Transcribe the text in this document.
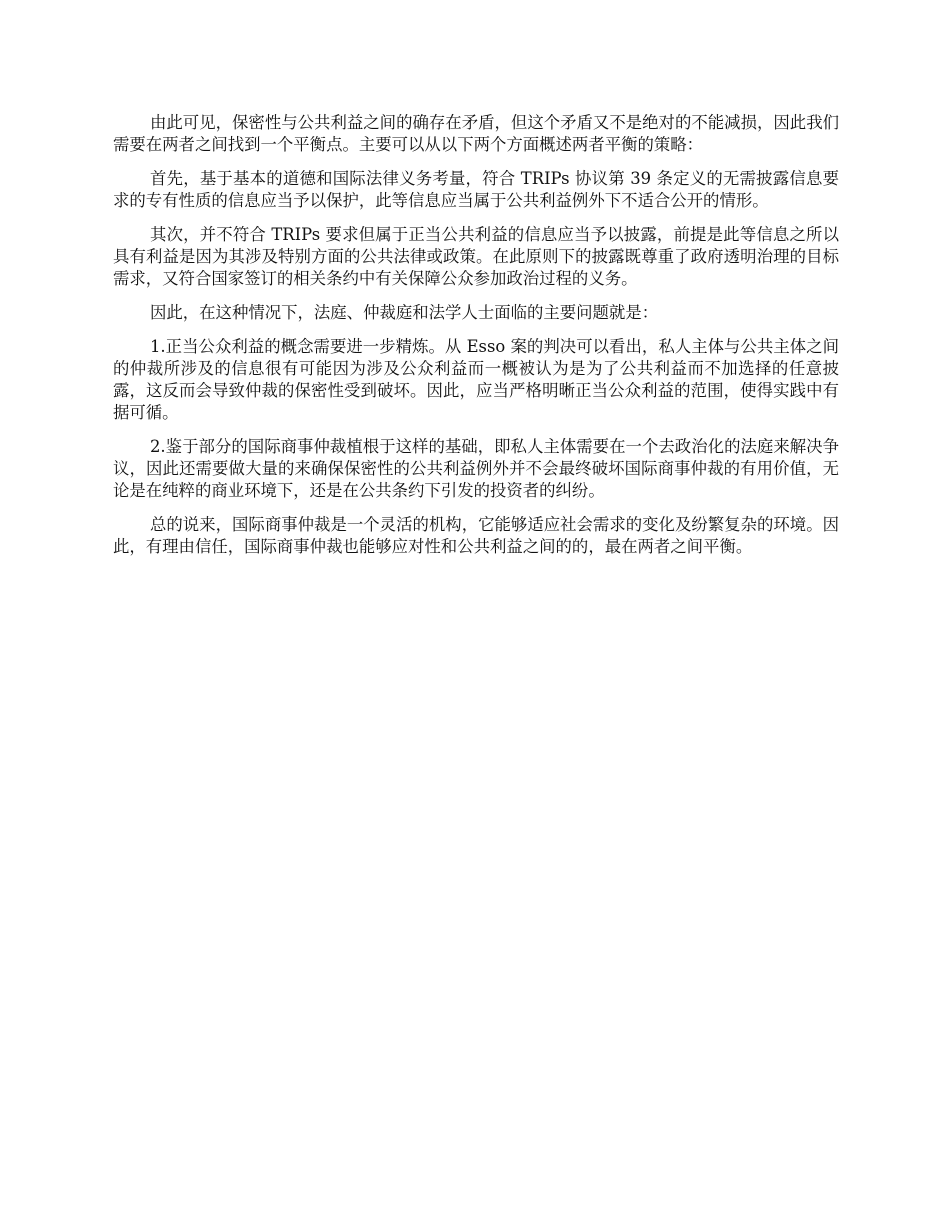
由此可见，保密性与公共利益之间的确存在矛盾，但这个矛盾又不是绝对的不能减损，因此我们需要在两者之间找到一个平衡点。主要可以从以下两个方面概述两者平衡的策略：

首先，基于基本的道德和国际法律义务考量，符合 TRIPs 协议第 39 条定义的无需披露信息要求的专有性质的信息应当予以保护，此等信息应当属于公共利益例外下不适合公开的情形。

其次，并不符合 TRIPs 要求但属于正当公共利益的信息应当予以披露，前提是此等信息之所以具有利益是因为其涉及特别方面的公共法律或政策。在此原则下的披露既尊重了政府透明治理的目标需求，又符合国家签订的相关条约中有关保障公众参加政治过程的义务。

因此，在这种情况下，法庭、仲裁庭和法学人士面临的主要问题就是：

1.正当公众利益的概念需要进一步精炼。从 Esso 案的判决可以看出，私人主体与公共主体之间的仲裁所涉及的信息很有可能因为涉及公众利益而一概被认为是为了公共利益而不加选择的任意披露，这反而会导致仲裁的保密性受到破坏。因此，应当严格明晰正当公众利益的范围，使得实践中有据可循。

2.鉴于部分的国际商事仲裁植根于这样的基础，即私人主体需要在一个去政治化的法庭来解决争议，因此还需要做大量的来确保保密性的公共利益例外并不会最终破坏国际商事仲裁的有用价值，无论是在纯粹的商业环境下，还是在公共条约下引发的投资者的纠纷。

总的说来，国际商事仲裁是一个灵活的机构，它能够适应社会需求的变化及纷繁复杂的环境。因此，有理由信任，国际商事仲裁也能够应对性和公共利益之间的的，最在两者之间平衡。
